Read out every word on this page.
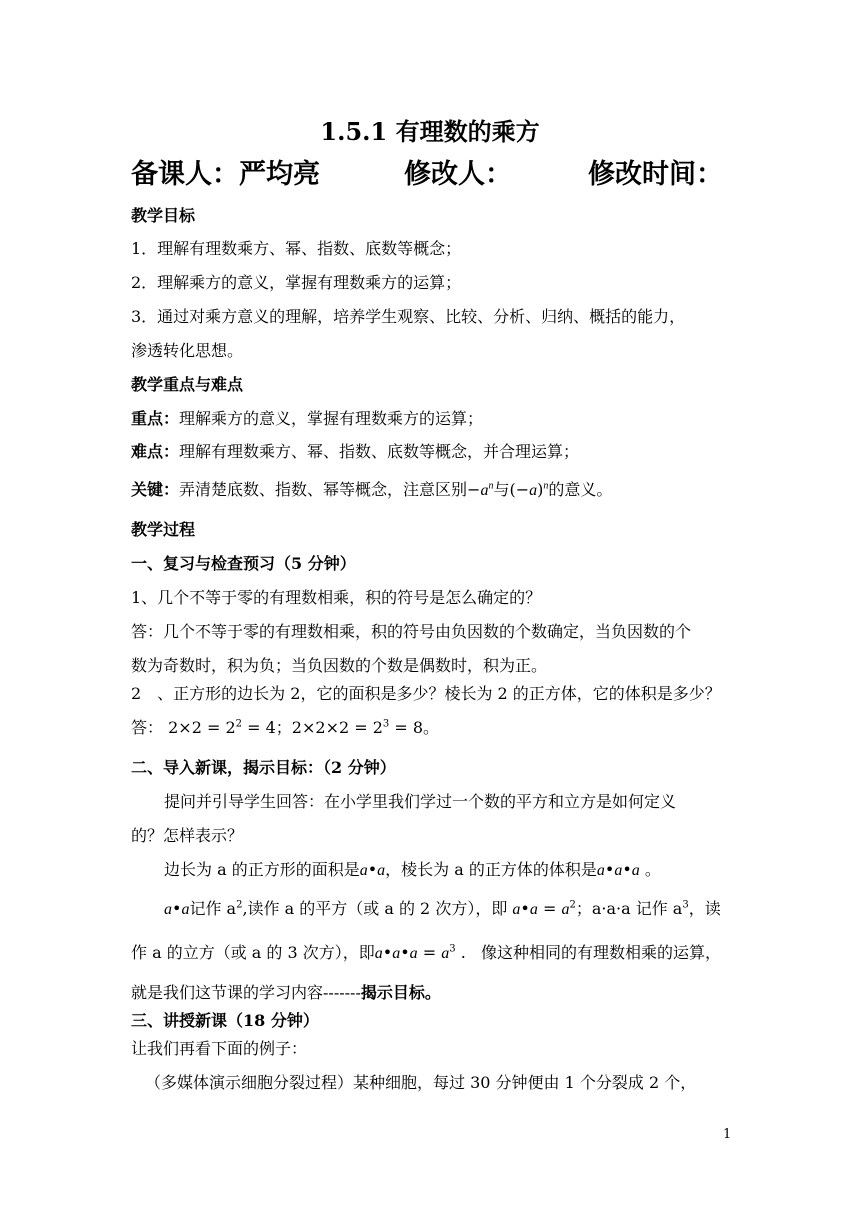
1.5.1 有理数的乘方
备课人：严均亮	修改人：	修改时间：
教学目标
1．理解有理数乘方、幂、指数、底数等概念；
2．理解乘方的意义，掌握有理数乘方的运算；
3．通过对乘方意义的理解，培养学生观察、比较、分析、归纳、概括的能力，
渗透转化思想。
教学重点与难点
重点：理解乘方的意义，掌握有理数乘方的运算；
难点：理解有理数乘方、幂、指数、底数等概念，并合理运算；
关键：弄清楚底数、指数、幂等概念，注意区别$-a^n$与$(-a)^n$的意义。
教学过程
一、复习与检查预习（5 分钟）
1、几个不等于零的有理数相乘，积的符号是怎么确定的？
答：几个不等于零的有理数相乘，积的符号由负因数的个数确定，当负因数的个
数为奇数时，积为负；当负因数的个数是偶数时，积为正。
2　、正方形的边长为 2，它的面积是多少？棱长为 2 的正方体，它的体积是多少？
答： $2\times 2 = 2^2 = 4$；$2\times 2\times 2 = 2^3 = 8$。
二、导入新课，揭示目标：（2 分钟）
提问并引导学生回答：在小学里我们学过一个数的平方和立方是如何定义
的？怎样表示？
边长为 a 的正方形的面积是a•a，棱长为 a 的正方体的体积是a•a•a 。
a•a记作 $a^2$,读作 a 的平方（或 a 的 2 次方），即 a•a = $a^2$；a·a·a 记作 $a^3$，读
作 a 的立方（或 a 的 3 次方），即a•a•a = $a^3$ .   像这种相同的有理数相乘的运算，
就是我们这节课的学习内容-------揭示目标。
三、讲授新课（18 分钟）
让我们再看下面的例子：
（多媒体演示细胞分裂过程）某种细胞，每过 30 分钟便由 1 个分裂成 2 个，
1
